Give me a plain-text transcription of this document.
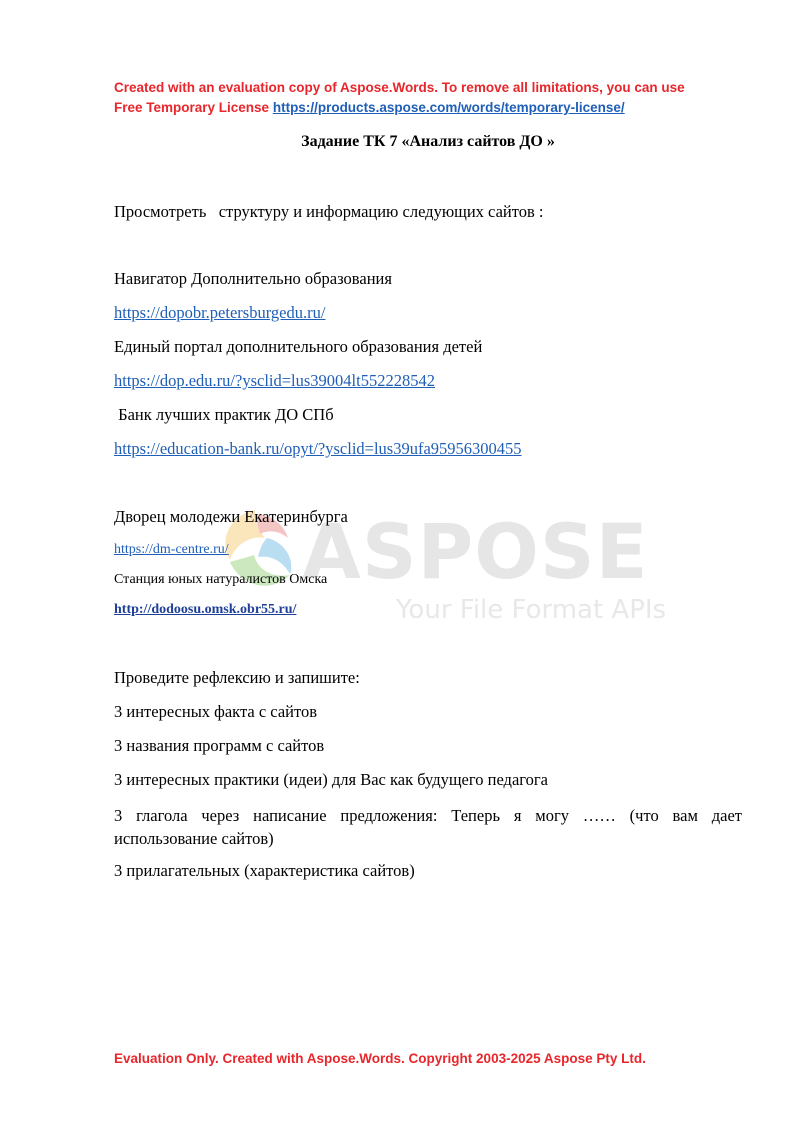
ASPOSE
Your File Format APIs
Created with an evaluation copy of Aspose.Words. To remove all limitations, you can use
Free Temporary License https://products.aspose.com/words/temporary-license/
Задание ТК 7 «Анализ сайтов ДО »
Просмотреть   структуру и информацию следующих сайтов :
Навигатор Дополнительно образования
https://dopobr.petersburgedu.ru/
Единый портал дополнительного образования детей
https://dop.edu.ru/?ysclid=lus39004lt552228542
Банк лучших практик ДО СПб
https://education-bank.ru/opyt/?ysclid=lus39ufa95956300455
Дворец молодежи Екатеринбурга
https://dm-centre.ru/
Станция юных натуралистов Омска
http://dodoosu.omsk.obr55.ru/
Проведите рефлексию и запишите:
3 интересных факта с сайтов
3 названия программ с сайтов
3 интересных практики (идеи) для Вас как будущего педагога
3 глагола через написание предложения: Теперь я могу …… (что вам дает использование сайтов)
3 прилагательных (характеристика сайтов)
Evaluation Only. Created with Aspose.Words. Copyright 2003-2025 Aspose Pty Ltd.
